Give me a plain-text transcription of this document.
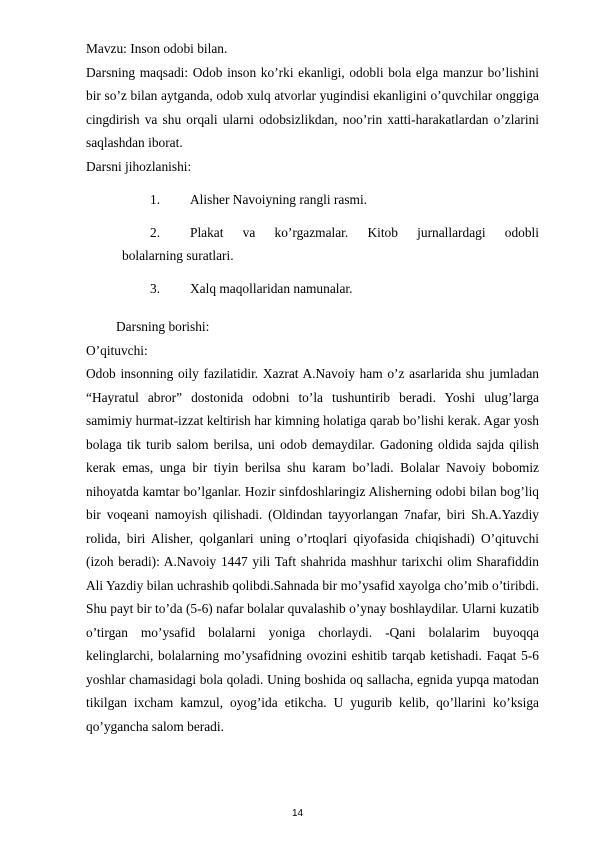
Mavzu: Inson odobi bilan.

Darsning maqsadi: Odob inson ko’rki ekanligi, odobli bola elga manzur bo’lishini bir so’z bilan aytganda, odob xulq atvorlar yugindisi ekanligini o’quvchilar onggiga cingdirish va shu orqali ularni odobsizlikdan, noo’rin xatti-harakatlardan o’zlarini saqlashdan iborat.

Darsni jihozlanishi:

1. Alisher Navoiyning rangli rasmi.
2. Plakat va ko’rgazmalar. Kitob jurnallardagi odobli
bolalarning suratlari.
3. Xalq maqollaridan namunalar.

Darsning borishi:

O’qituvchi:

Odob insonning oily fazilatidir. Xazrat A.Navoiy ham o’z asarlarida shu jumladan “Hayratul abror” dostonida odobni to’la tushuntirib beradi. Yoshi ulug’larga samimiy hurmat-izzat keltirish har kimning holatiga qarab bo’lishi kerak. Agar yosh bolaga tik turib salom berilsa, uni odob demaydilar. Gadoning oldida sajda qilish kerak emas, unga bir tiyin berilsa shu karam bo’ladi. Bolalar Navoiy bobomiz nihoyatda kamtar bo’lganlar. Hozir sinfdoshlaringiz Alisherning odobi bilan bog’liq bir voqeani namoyish qilishadi. (Oldindan tayyorlangan 7nafar, biri Sh.A.Yazdiy rolida, biri Alisher, qolganlari uning o’rtoqlari qiyofasida chiqishadi) O’qituvchi (izoh beradi): A.Navoiy 1447 yili Taft shahrida mashhur tarixchi olim Sharafiddin Ali Yazdiy bilan uchrashib qolibdi.Sahnada bir mo’ysafid xayolga cho’mib o’tiribdi. Shu payt bir to’da (5-6) nafar bolalar quvalashib o’ynay boshlaydilar. Ularni kuzatib o’tirgan mo’ysafid bolalarni yoniga chorlaydi. -Qani bolalarim buyoqqa kelinglarchi, bolalarning mo’ysafidning ovozini eshitib tarqab ketishadi. Faqat 5-6 yoshlar chamasidagi bola qoladi. Uning boshida oq sallacha, egnida yupqa matodan tikilgan ixcham kamzul, oyog’ida etikcha. U yugurib kelib, qo’llarini ko’ksiga qo’ygancha salom beradi.

14
